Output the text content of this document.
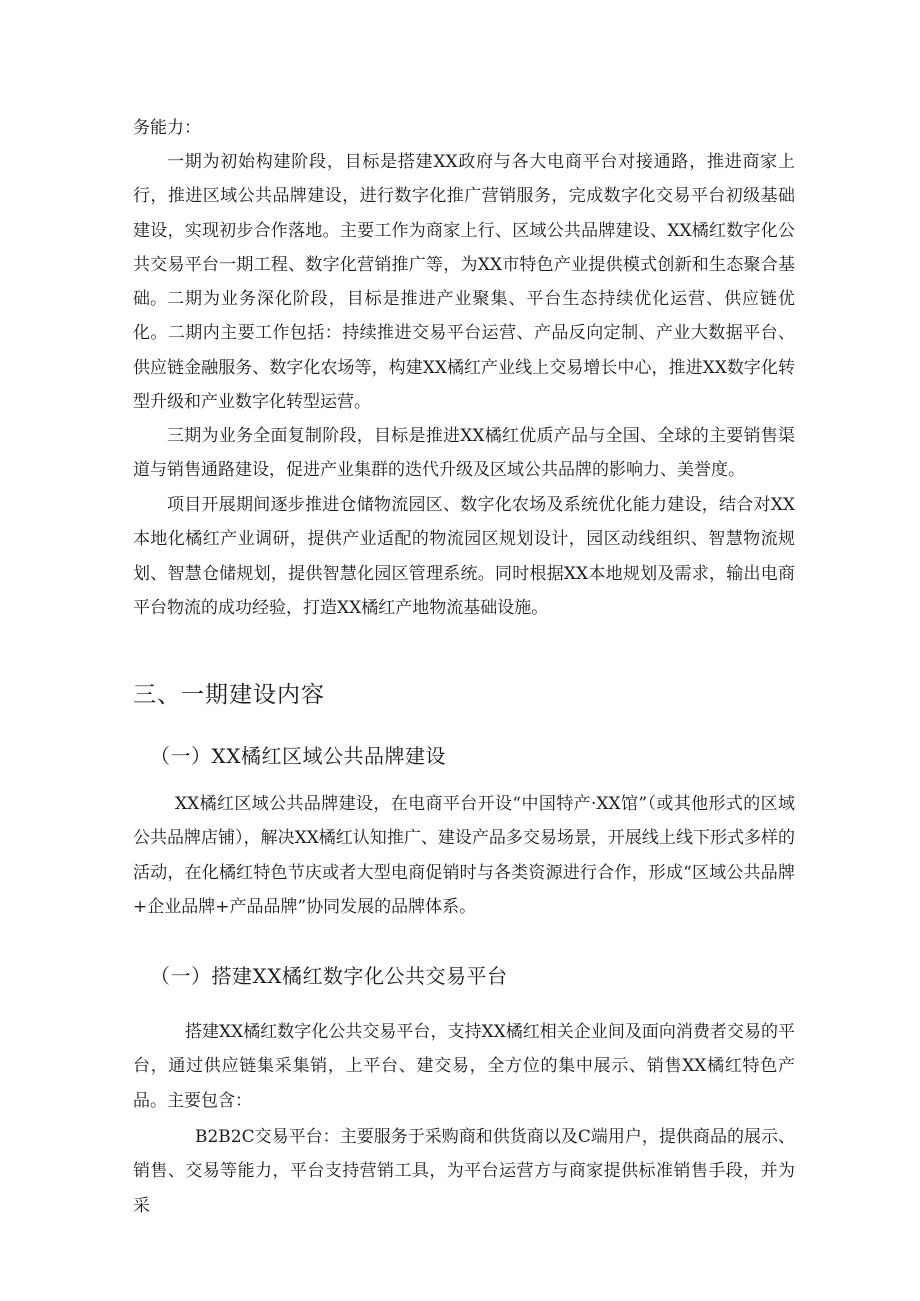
务能力：

一期为初始构建阶段，目标是搭建XX政府与各大电商平台对接通路，推进商家上行，推进区域公共品牌建设，进行数字化推广营销服务，完成数字化交易平台初级基础建设，实现初步合作落地。主要工作为商家上行、区域公共品牌建设、XX橘红数字化公共交易平台一期工程、数字化营销推广等，为XX市特色产业提供模式创新和生态聚合基础。 二期为业务深化阶段，目标是推进产业聚集、平台生态持续优化运营、供应链优化。二期内主要工作包括：持续推进交易平台运营、产品反向定制、产业大数据平台、供应链金融服务、数字化农场等，构建XX橘红产业线上交易增长中心，推进XX数字化转型升级和产业数字化转型运营。

三期为业务全面复制阶段，目标是推进XX橘红优质产品与全国、全球的主要销售渠道与销售通路建设，促进产业集群的迭代升级及区域公共品牌的影响力、美誉度。

项目开展期间逐步推进仓储物流园区、数字化农场及系统优化能力建设，结合对XX本地化橘红产业调研，提供产业适配的物流园区规划设计，园区动线组织、智慧物流规划、智慧仓储规划，提供智慧化园区管理系统。同时根据XX本地规划及需求，输出电商平台物流的成功经验，打造XX橘红产地物流基础设施。

三、一期建设内容
（一）XX橘红区域公共品牌建设

XX橘红区域公共品牌建设，在电商平台开设“中国特产·XX馆”（或其他形式的区域公共品牌店铺），解决XX橘红认知推广、建设产品多交易场景，开展线上线下形式多样的活动，在化橘红特色节庆或者大型电商促销时与各类资源进行合作，形成“区域公共品牌+企业品牌+产品品牌”协同发展的品牌体系。

（一）搭建XX橘红数字化公共交易平台

搭建XX橘红数字化公共交易平台，支持XX橘红相关企业间及面向消费者交易的平台，通过供应链集采集销，上平台、建交易，全方位的集中展示、销售XX橘红特色产品。主要包含：

B2B2C交易平台：主要服务于采购商和供货商以及C端用户，提供商品的展示、销售、交易等能力，平台支持营销工具，为平台运营方与商家提供标准销售手段，并为采
